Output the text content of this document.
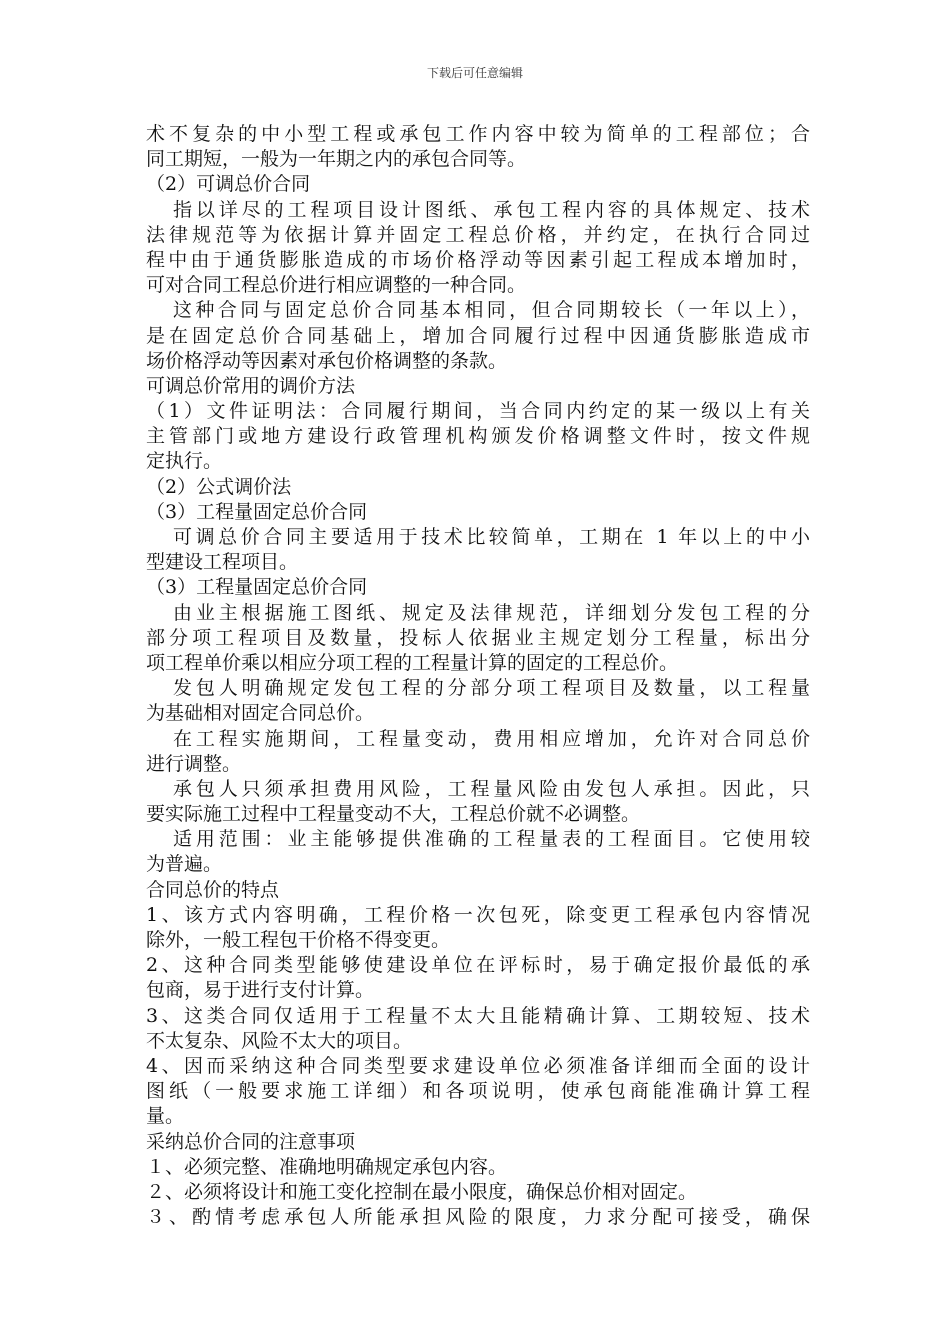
下载后可任意编辑
术不复杂的中小型工程或承包工作内容中较为简单的工程部位；合
同工期短，一般为一年期之内的承包合同等。
（2）可调总价合同
指以详尽的工程项目设计图纸、承包工程内容的具体规定、技术
法律规范等为依据计算并固定工程总价格，并约定，在执行合同过
程中由于通货膨胀造成的市场价格浮动等因素引起工程成本增加时，
可对合同工程总价进行相应调整的一种合同。
这种合同与固定总价合同基本相同，但合同期较长（一年以上），
是在固定总价合同基础上，增加合同履行过程中因通货膨胀造成市
场价格浮动等因素对承包价格调整的条款。
可调总价常用的调价方法
（1）文件证明法：合同履行期间，当合同内约定的某一级以上有关
主管部门或地方建设行政管理机构颁发价格调整文件时，按文件规
定执行。
（2）公式调价法
（3）工程量固定总价合同
可调总价合同主要适用于技术比较简单，工期在 1 年以上的中小
型建设工程项目。
（3）工程量固定总价合同
由业主根据施工图纸、规定及法律规范，详细划分发包工程的分
部分项工程项目及数量，投标人依据业主规定划分工程量，标出分
项工程单价乘以相应分项工程的工程量计算的固定的工程总价。
发包人明确规定发包工程的分部分项工程项目及数量，以工程量
为基础相对固定合同总价。
在工程实施期间，工程量变动，费用相应增加，允许对合同总价
进行调整。
承包人只须承担费用风险，工程量风险由发包人承担。因此，只
要实际施工过程中工程量变动不大，工程总价就不必调整。
适用范围：业主能够提供准确的工程量表的工程面目。它使用较
为普遍。
合同总价的特点
1、该方式内容明确，工程价格一次包死，除变更工程承包内容情况
除外，一般工程包干价格不得变更。
2、这种合同类型能够使建设单位在评标时，易于确定报价最低的承
包商，易于进行支付计算。
3、这类合同仅适用于工程量不太大且能精确计算、工期较短、技术
不太复杂、风险不太大的项目。
4、因而采纳这种合同类型要求建设单位必须准备详细而全面的设计
图纸（一般要求施工详细）和各项说明，使承包商能准确计算工程
量。
采纳总价合同的注意事项
１、必须完整、准确地明确规定承包内容。
２、必须将设计和施工变化控制在最小限度，确保总价相对固定。
３、酌情考虑承包人所能承担风险的限度，力求分配可接受，确保
